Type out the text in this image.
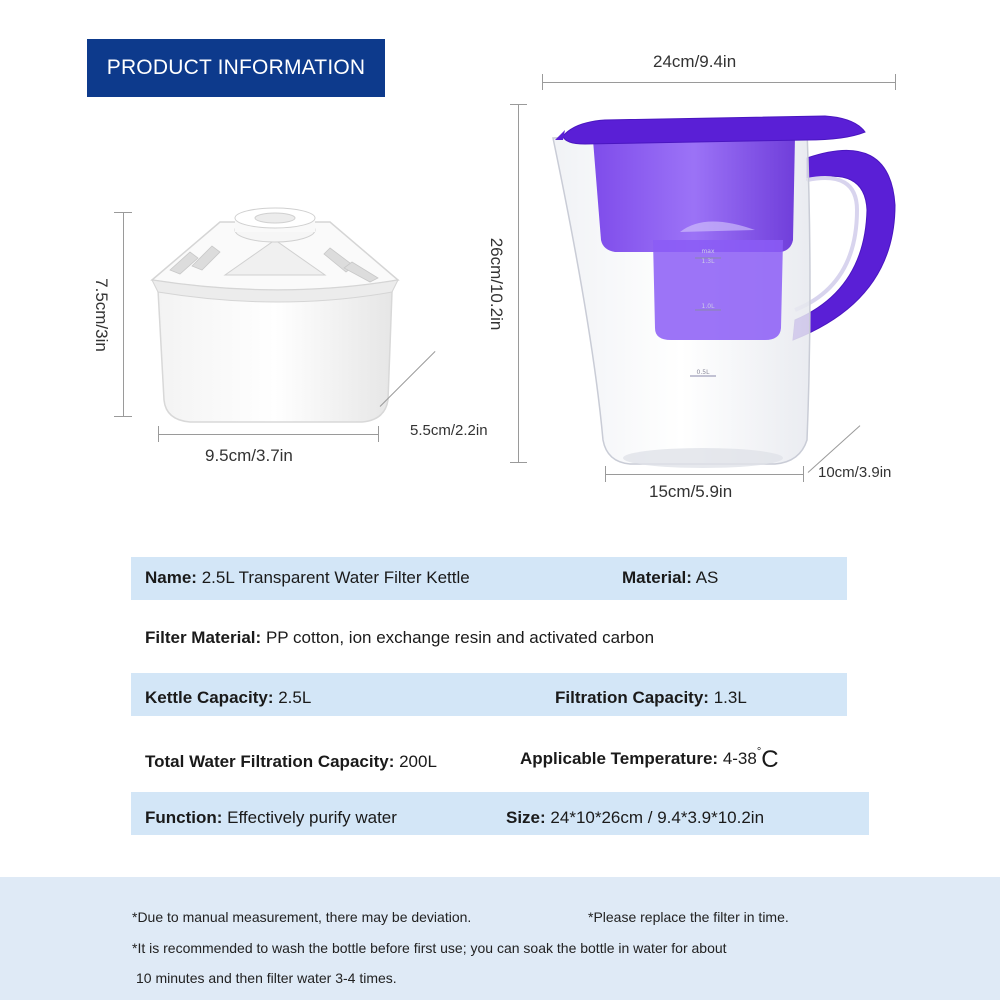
PRODUCT INFORMATION
7.5cm/3in
9.5cm/3.7in
5.5cm/2.2in
max
1.3L
1.0L
0.5L
24cm/9.4in
26cm/10.2in
15cm/5.9in
10cm/3.9in
Name: 2.5L Transparent Water Filter Kettle	Material: AS
Filter Material: PP cotton, ion exchange resin and activated carbon
Kettle Capacity: 2.5L	Filtration Capacity: 1.3L
Total Water Filtration Capacity: 200L	Applicable Temperature: 4-38°C
Function: Effectively purify water	Size: 24*10*26cm / 9.4*3.9*10.2in
*Due to manual measurement, there may be deviation.	*Please replace the filter in time.
*It is recommended to wash the bottle before first use; you can soak the bottle in water for about
10 minutes and then filter water 3-4 times.
